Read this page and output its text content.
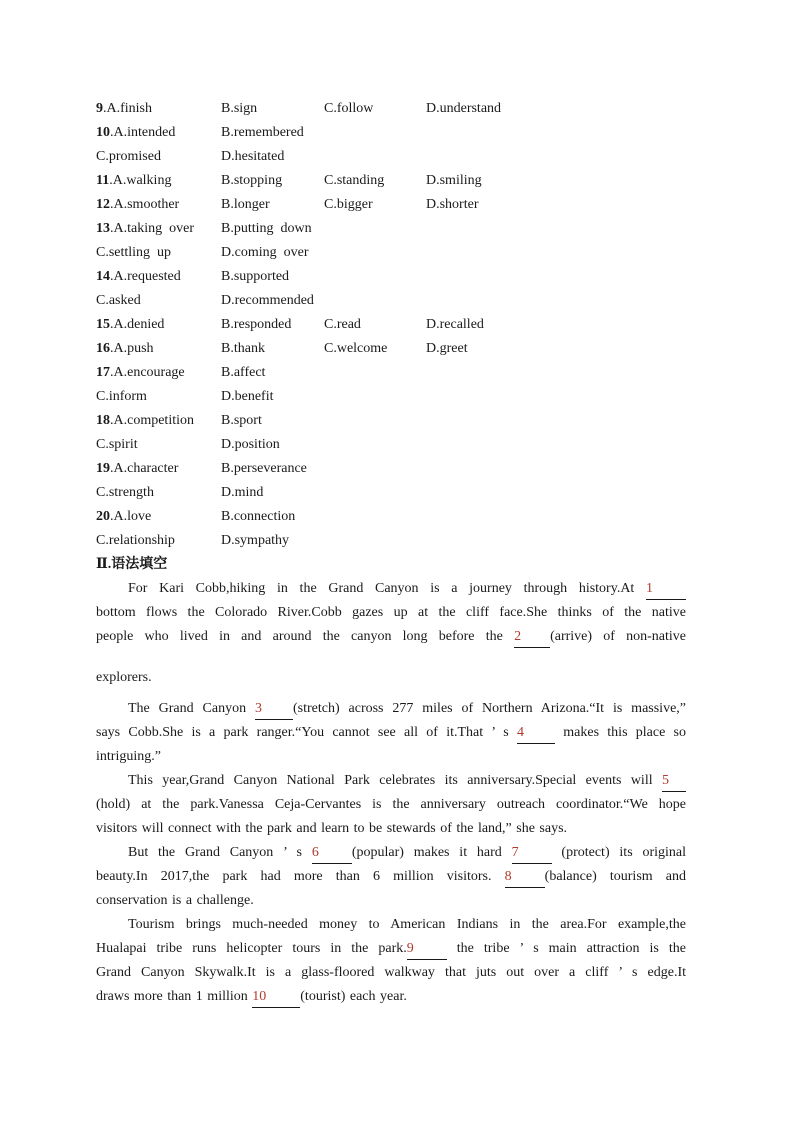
9.A.finish	B.sign	C.follow	D.understand
10.A.intended	B.remembered
C.promised	D.hesitated
11.A.walking	B.stopping	C.standing	D.smiling
12.A.smoother	B.longer	C.bigger	D.shorter
13.A.taking  over B.putting  down
C.settling  up	D.coming  over
14.A.requested	B.supported
C.asked	D.recommended
15.A.denied	B.responded C.read	D.recalled
16.A.push	B.thank	C.welcome	D.greet
17.A.encourage	B.affect
C.inform	D.benefit
18.A.competition B.sport
C.spirit	D.position
19.A.character	B.perseverance
C.strength	D.mind
20.A.love	B.connection
C.relationship	D.sympathy
Ⅱ.语法填空
For Kari Cobb,hiking in the Grand Canyon is a journey through history.At 1
bottom flows the Colorado River.Cobb gazes up at the cliff face.She thinks of the native
people who lived in and around the canyon long before the 2 (arrive) of non-native
explorers.
The Grand Canyon 3 (stretch) across 277 miles of Northern Arizona.“It is massive,”
says Cobb.She is a park ranger.“You cannot see all of it.That ’ s 4	makes this place so
intriguing.”
This year,Grand Canyon National Park celebrates its anniversary.Special events will 5
(hold) at the park.Vanessa Ceja-Cervantes is the anniversary outreach coordinator.“We hope
visitors will connect with the park and learn to be stewards of the land,” she says.
But the Grand Canyon ’ s 6 (popular) makes it hard 7	(protect) its original
beauty.In 2017,the park had more than 6 million visitors. 8 (balance) tourism and
conservation is a challenge.
Tourism brings much-needed money to American Indians in the area.For example,the
Hualapai tribe runs helicopter tours in the park.9	the tribe ’ s main attraction is the
Grand Canyon Skywalk.It is a glass-floored walkway that juts out over a cliff ’ s edge.It
draws more than 1 million 10 (tourist) each year.
